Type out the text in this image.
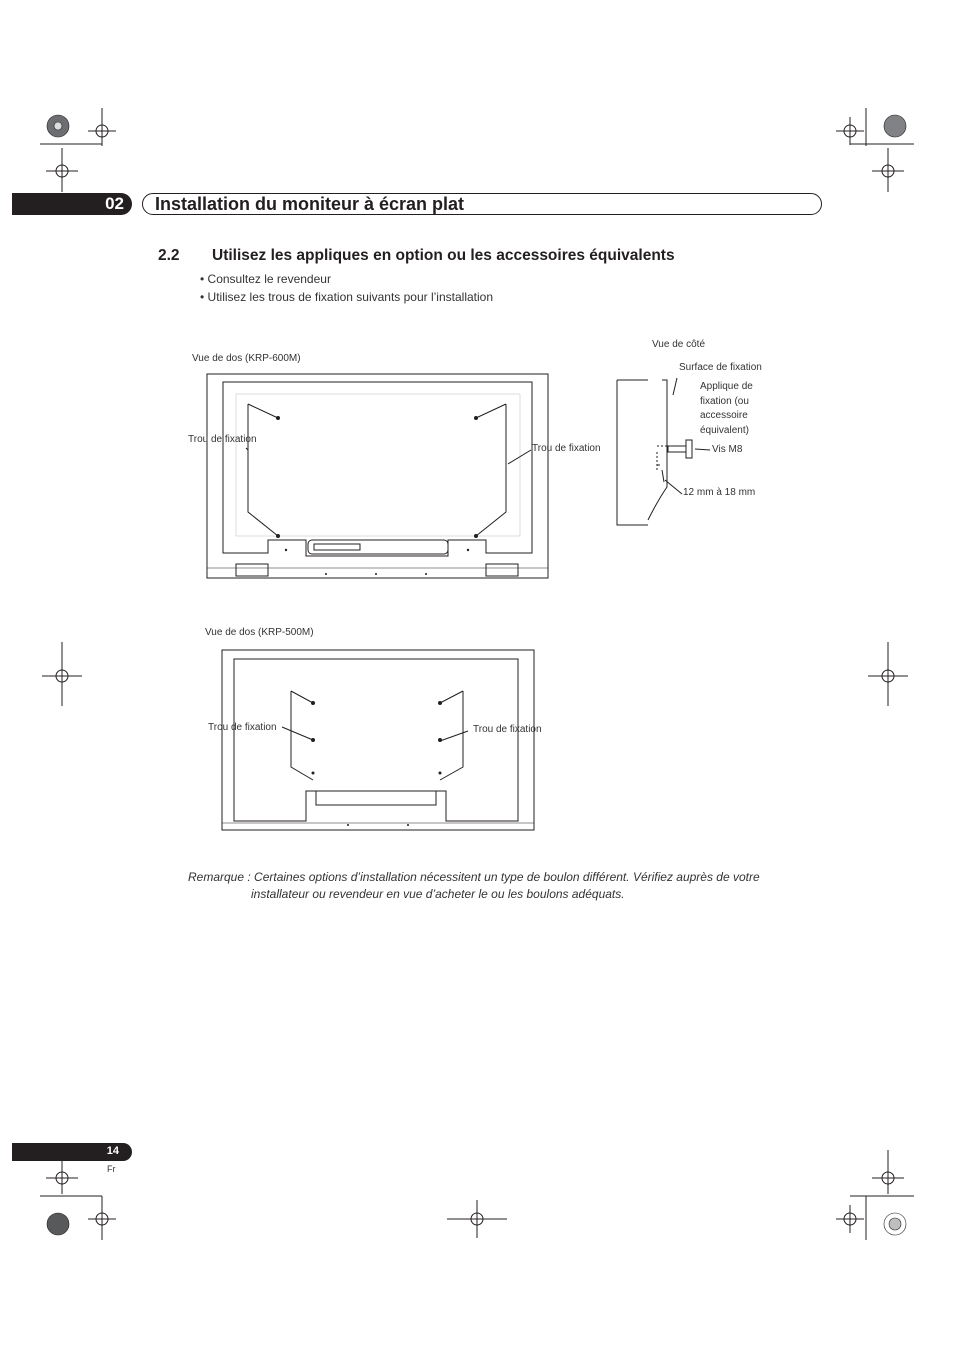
02 Installation du moniteur à écran plat
2.2 Utilisez les appliques en option ou les accessoires équivalents
• Consultez le revendeur
• Utilisez les trous de fixation suivants pour l’installation
Vue de dos (KRP-600M)
Trou de fixation
Trou de fixation
Vue de côté
Surface de fixation
Applique de
fixation (ou
accessoire
équivalent)
Vis M8
12 mm à 18 mm
Vue de dos (KRP-500M)
Trou de fixation	Trou de fixation
Remarque : Certaines options d’installation nécessitent un type de boulon différent. Vérifiez auprès de votre
installateur ou revendeur en vue d’acheter le ou les boulons adéquats.
14
Fr
